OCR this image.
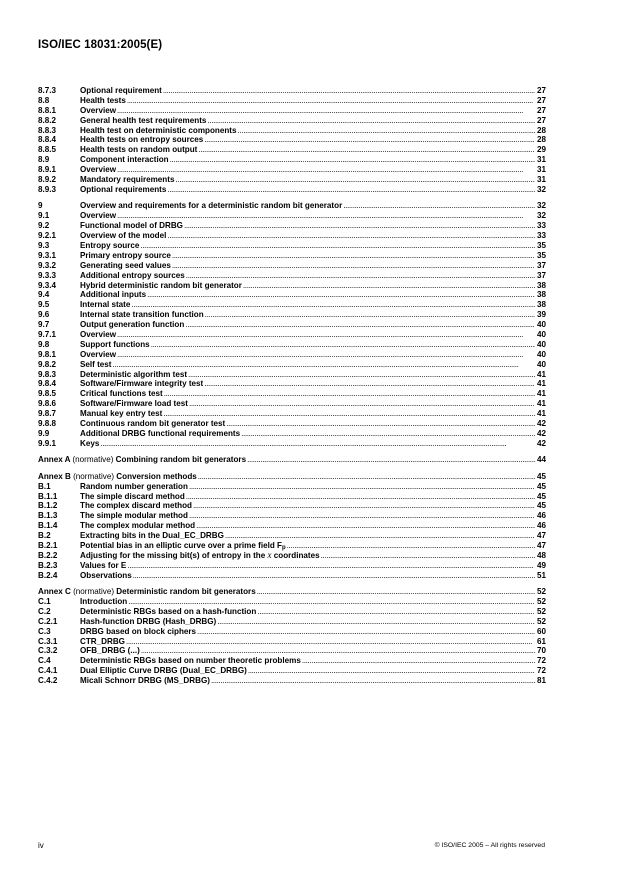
ISO/IEC 18031:2005(E)
8.7.3	Optional requirement . . .	27
8.8	Health tests . . .	27
8.8.1	Overview . . .	27
8.8.2	General health test requirements . . .	27
8.8.3	Health test on deterministic components . . .	28
8.8.4	Health tests on entropy sources . . .	28
8.8.5	Health tests on random output . . .	29
8.9	Component interaction . . .	31
8.9.1	Overview . . .	31
8.9.2	Mandatory requirements . . .	31
8.9.3	Optional requirements . . .	32
9	Overview and requirements for a deterministic random bit generator . . .	32
9.1	Overview . . .	32
9.2	Functional model of DRBG . . .	33
9.2.1	Overview of the model . . .	33
9.3	Entropy source . . .	35
9.3.1	Primary entropy source . . .	35
9.3.2	Generating seed values . . .	37
9.3.3	Additional entropy sources . . .	37
9.3.4	Hybrid deterministic random bit generator . . .	38
9.4	Additional inputs . . .	38
9.5	Internal state . . .	38
9.6	Internal state transition function . . .	39
9.7	Output generation function . . .	40
9.7.1	Overview . . .	40
9.8	Support functions . . .	40
9.8.1	Overview . . .	40
9.8.2	Self test . . .	40
9.8.3	Deterministic algorithm test . . .	41
9.8.4	Software/Firmware integrity test . . .	41
9.8.5	Critical functions test . . .	41
9.8.6	Software/Firmware load test . . .	41
9.8.7	Manual key entry test . . .	41
9.8.8	Continuous random bit generator test . . .	42
9.9	Additional DRBG functional requirements . . .	42
9.9.1	Keys . . .	42
Annex A (normative) Combining random bit generators . . .	44
Annex B (normative) Conversion methods . . .	45
B.1	Random number generation . . .	45
B.1.1	The simple discard method . . .	45
B.1.2	The complex discard method . . .	45
B.1.3	The simple modular method . . .	46
B.1.4	The complex modular method . . .	46
B.2	Extracting bits in the Dual_EC_DRBG . . .	47
B.2.1	Potential bias in an elliptic curve over a prime field $F_p$ . . .	47
B.2.2	Adjusting for the missing bit(s) of entropy in the x coordinates . . .	48
B.2.3	Values for E . . .	49
B.2.4	Observations . . .	51
Annex C (normative) Deterministic random bit generators . . .	52
C.1	Introduction . . .	52
C.2	Deterministic RBGs based on a hash-function . . .	52
C.2.1	Hash-function DRBG (Hash_DRBG) . . .	52
C.3	DRBG based on block ciphers . . .	60
C.3.1	CTR_DRBG . . .	61
C.3.2	OFB_DRBG (...) . . .	70
C.4	Deterministic RBGs based on number theoretic problems . . .	72
C.4.1	Dual Elliptic Curve DRBG (Dual_EC_DRBG) . . .	72
C.4.2	Micali Schnorr DRBG (MS_DRBG) . . .	81
iv	© ISO/IEC 2005 – All rights reserved
